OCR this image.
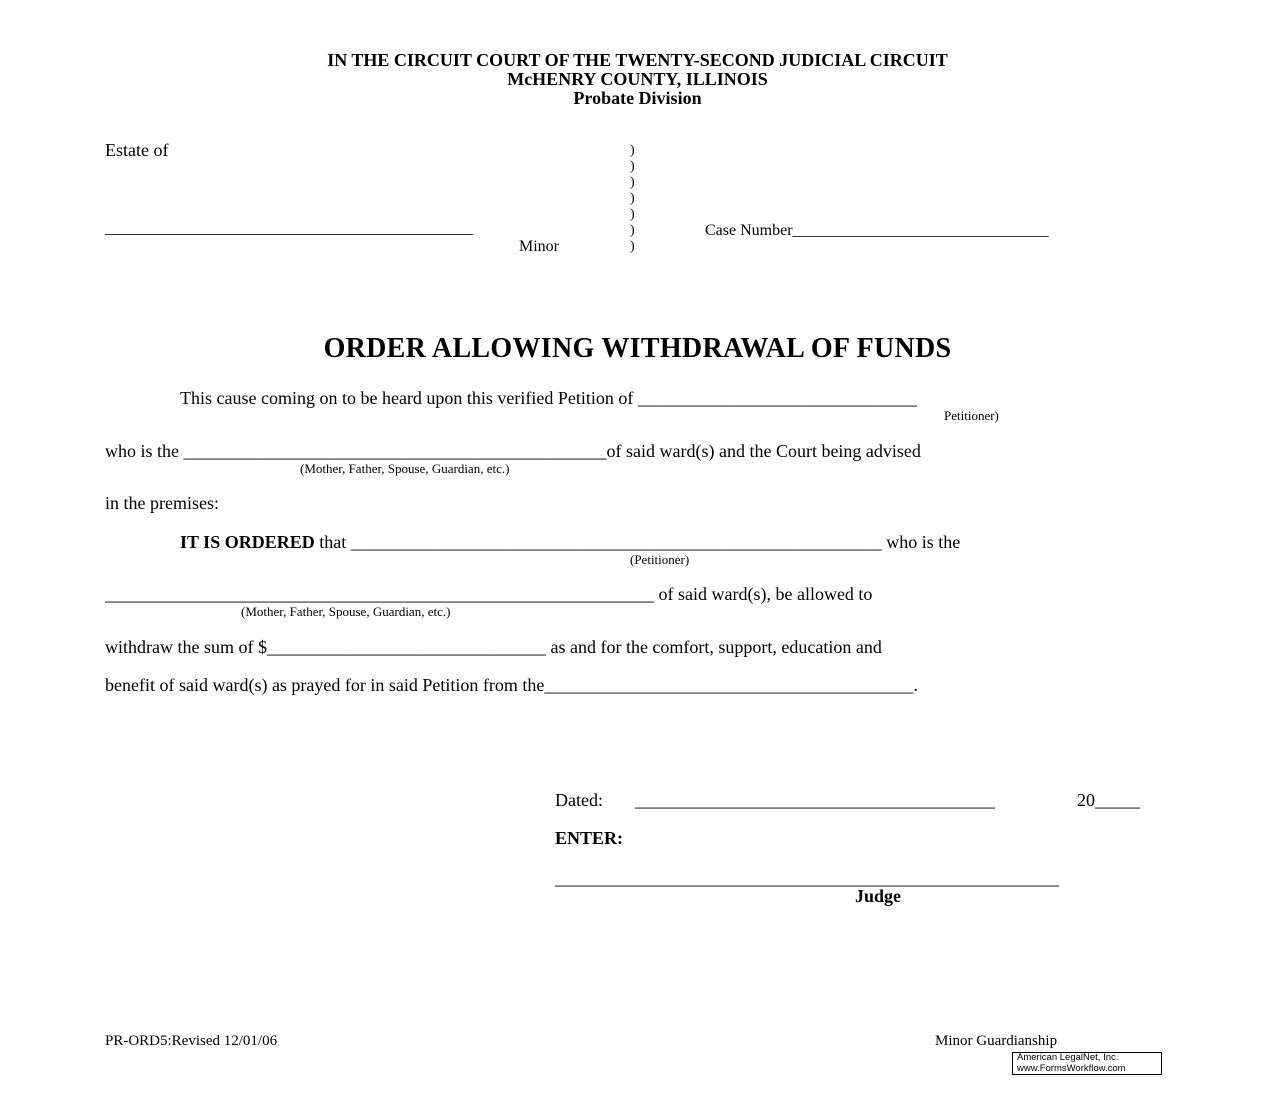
IN THE CIRCUIT COURT OF THE TWENTY-SECOND JUDICIAL CIRCUIT
McHENRY COUNTY, ILLINOIS
Probate Division
Estate of
______________________________________________
Minor
)
)
)
)
)
)
)
Case Number________________________________
ORDER ALLOWING WITHDRAWAL OF FUNDS
This cause coming on to be heard upon this verified Petition of _______________________________
Petitioner)
who is the _______________________________________________of said ward(s) and the Court being advised
(Mother, Father, Spouse, Guardian, etc.)
in the premises:
IT IS ORDERED that ___________________________________________________________ who is the
(Petitioner)
_____________________________________________________________ of said ward(s), be allowed to
(Mother, Father, Spouse, Guardian, etc.)
withdraw the sum of $_______________________________ as and for the comfort, support, education and
benefit of said ward(s) as prayed for in said Petition from the_________________________________________.
Dated: ________________________________________	20_____
ENTER:
________________________________________________________
Judge
PR-ORD5:Revised 12/01/06	Minor Guardianship
American LegalNet, Inc.
www.FormsWorkflow.com
